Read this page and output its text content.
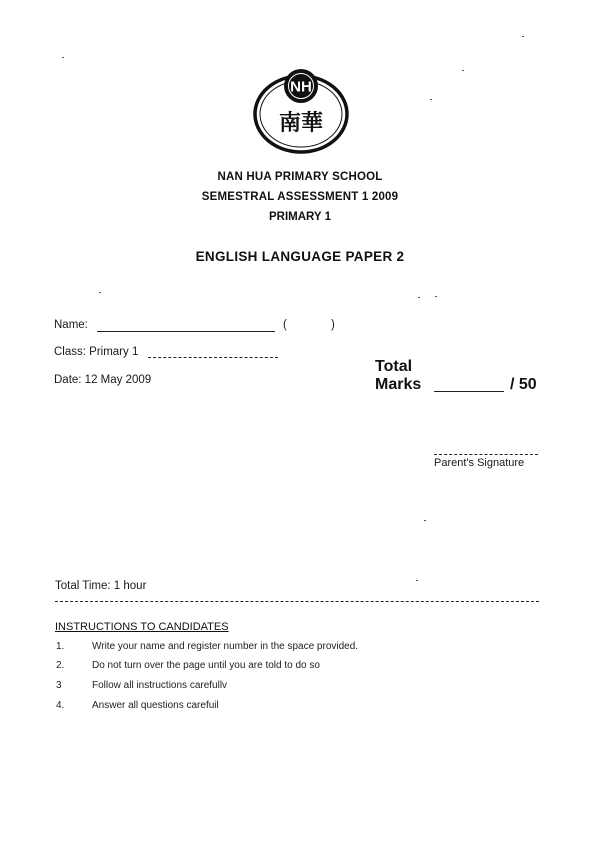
NH
南華
NAN HUA PRIMARY SCHOOL
SEMESTRAL ASSESSMENT 1 2009
PRIMARY 1
ENGLISH LANGUAGE PAPER 2
Name:	(	)
Class: Primary 1
Date: 12 May 2009
Total
Marks	/ 50
Parent's Signature
Total Time: 1 hour
INSTRUCTIONS TO CANDIDATES
1.	Write your name and register number in the space provided.
2.	Do not turn over the page until you are told to do so
3	Follow all instructions carefullv
4.	Answer all questions carefuil
